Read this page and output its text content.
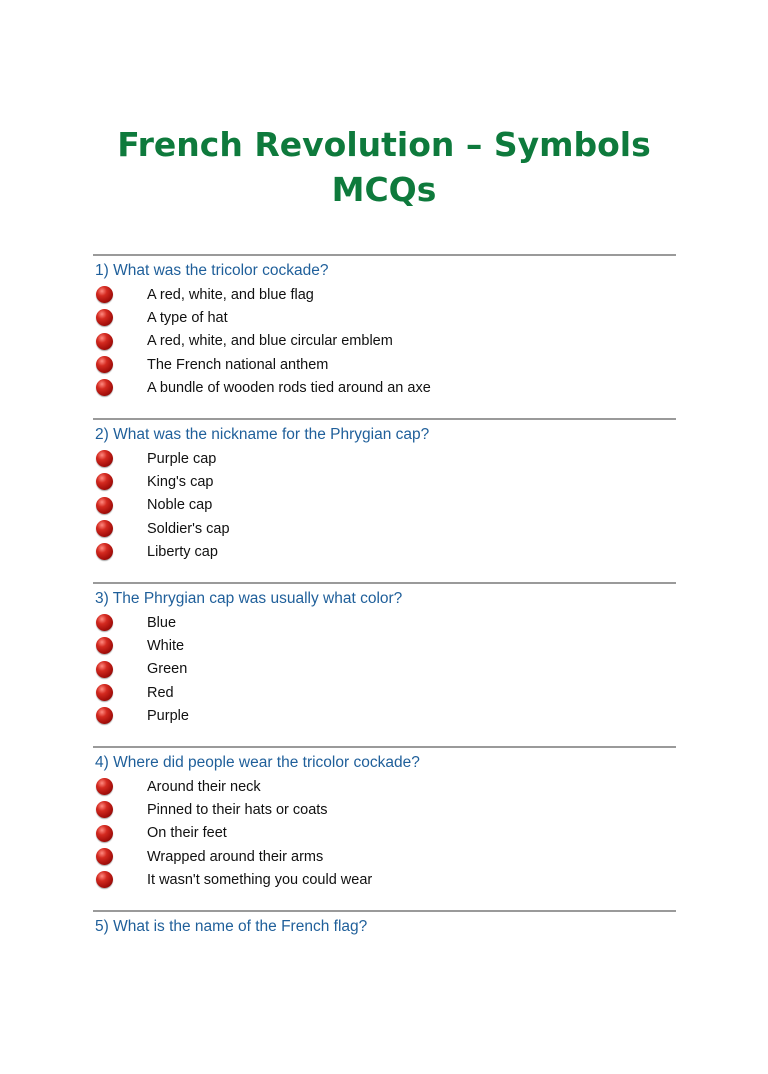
French Revolution – Symbols
MCQs
1) What was the tricolor cockade?
A red, white, and blue flag
A type of hat
A red, white, and blue circular emblem
The French national anthem
A bundle of wooden rods tied around an axe
2) What was the nickname for the Phrygian cap?
Purple cap
King's cap
Noble cap
Soldier's cap
Liberty cap
3) The Phrygian cap was usually what color?
Blue
White
Green
Red
Purple
4) Where did people wear the tricolor cockade?
Around their neck
Pinned to their hats or coats
On their feet
Wrapped around their arms
It wasn't something you could wear
5) What is the name of the French flag?
